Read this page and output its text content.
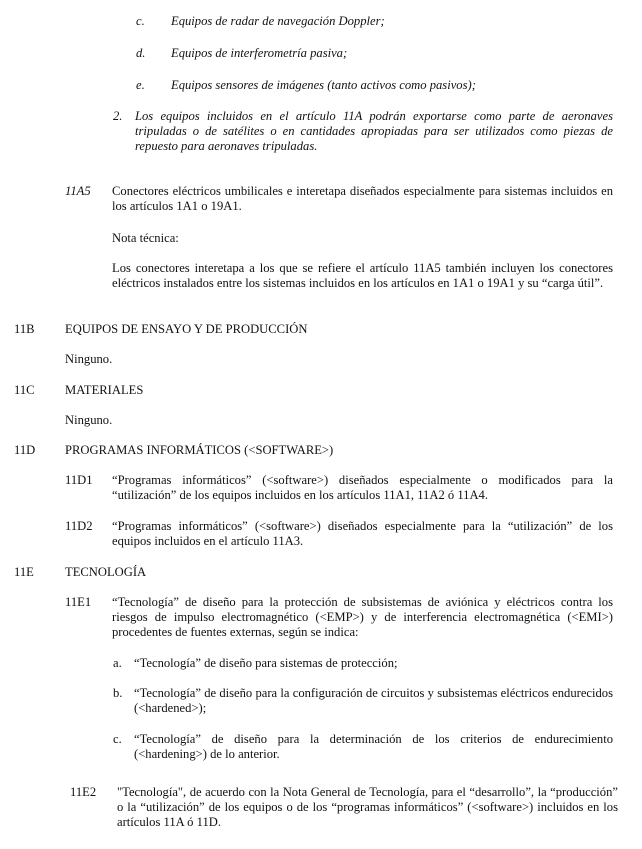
c. Equipos de radar de navegación Doppler;
d. Equipos de interferometría pasiva;
e. Equipos sensores de imágenes (tanto activos como pasivos);
2. Los equipos incluidos en el artículo 11A podrán exportarse como parte de aeronaves tripuladas o de satélites o en cantidades apropiadas para ser utilizados como piezas de repuesto para aeronaves tripuladas.
11A5 Conectores eléctricos umbilicales e interetapa diseñados especialmente para sistemas incluidos en los artículos 1A1 o 19A1.
Nota técnica:
Los conectores interetapa a los que se refiere el artículo 11A5 también incluyen los conectores eléctricos instalados entre los sistemas incluidos en los artículos en 1A1 o 19A1 y su “carga útil”.
11B EQUIPOS DE ENSAYO Y DE PRODUCCIÓN
Ninguno.
11C MATERIALES
Ninguno.
11D PROGRAMAS INFORMÁTICOS (<SOFTWARE>)
11D1 “Programas informáticos” (<software>) diseñados especialmente o modificados para la “utilización” de los equipos incluidos en los artículos 11A1, 11A2 ó 11A4.
11D2 “Programas informáticos” (<software>) diseñados especialmente para la “utilización” de los equipos incluidos en el artículo 11A3.
11E TECNOLOGÍA
11E1 “Tecnología” de diseño para la protección de subsistemas de aviónica y eléctricos contra los riesgos de impulso electromagnético (<EMP>) y de interferencia electromagnética (<EMI>) procedentes de fuentes externas, según se indica:
a. “Tecnología” de diseño para sistemas de protección;
b. “Tecnología” de diseño para la configuración de circuitos y subsistemas eléctricos endurecidos (<hardened>);
c. “Tecnología” de diseño para la determinación de los criterios de endurecimiento (<hardening>) de lo anterior.
11E2 "Tecnología", de acuerdo con la Nota General de Tecnología, para el “desarrollo”, la “producción” o la “utilización” de los equipos o de los “programas informáticos” (<software>) incluidos en los artículos 11A ó 11D.
